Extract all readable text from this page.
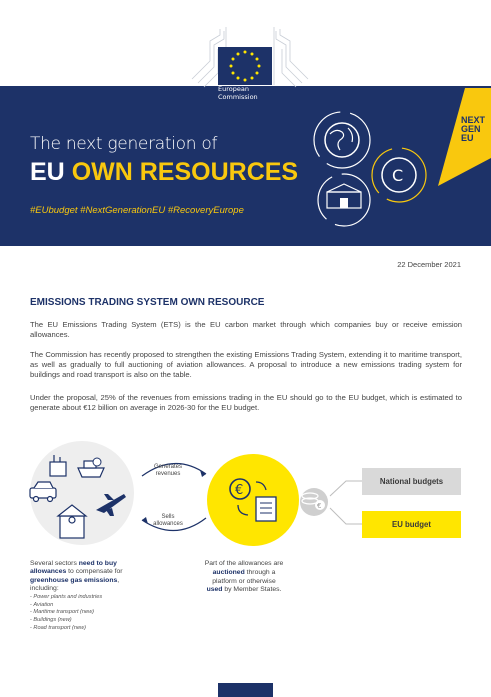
European
Commission
The next generation of
EU OWN RESOURCES
#EUbudget #NextGenerationEU #RecoveryEurope
NEXT
GEN
EU
C
22 December 2021
EMISSIONS TRADING SYSTEM OWN RESOURCE

The EU Emissions Trading System (ETS) is the EU carbon market through which companies buy or receive emission allowances.

The Commission has recently proposed to strengthen the existing Emissions Trading System, extending it to maritime transport, as well as gradually to full auctioning of aviation allowances. A proposal to introduce a new emissions trading system for buildings and road transport is also on the table.

Under the proposal, 25% of the revenues from emissions trading in the EU should go to the EU budget, which is estimated to generate about €12 billion on average in 2026-30 for the EU budget.

€
€
Generates
revenues
Sells
allowances
National budgets
EU budget
Several sectors need to buy allowances to compensate for greenhouse gas emissions, including:
- Power plants and industries
- Aviation
- Maritime transport (new)
- Buildings (new)
- Road transport (new)
Part of the allowances are auctioned through a platform or otherwise used by Member States.
